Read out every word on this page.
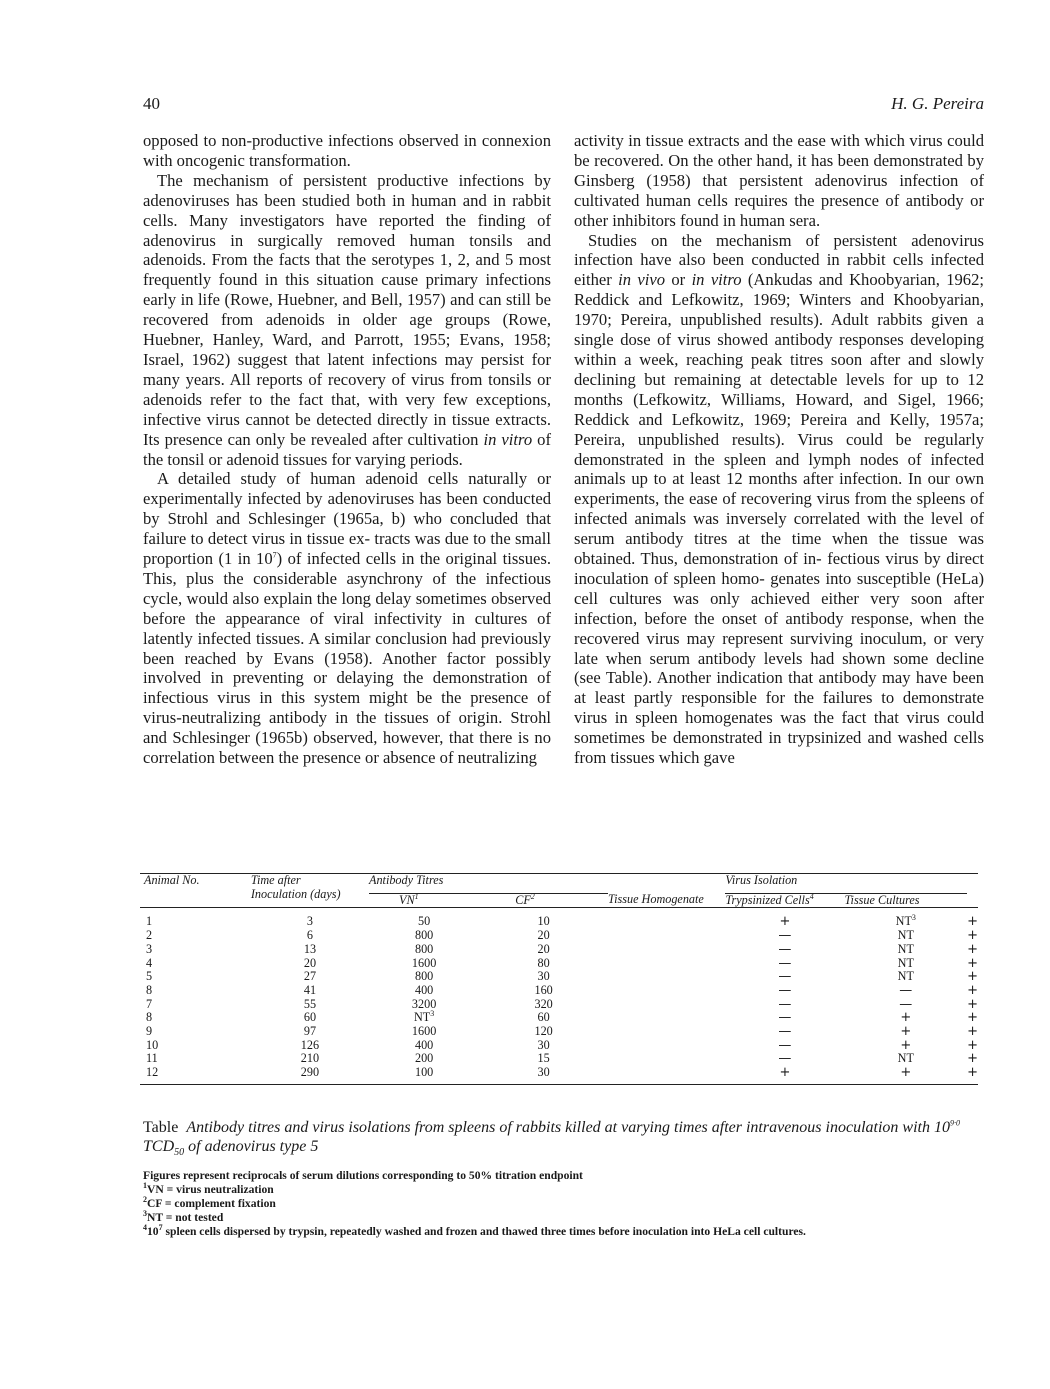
40	H. G. Pereira

opposed to non-productive infections observed in connexion with oncogenic transformation.

The mechanism of persistent productive infections by adenoviruses has been studied both in human and in rabbit cells. Many investigators have reported the finding of adenovirus in surgically removed human tonsils and adenoids. From the facts that the serotypes 1, 2, and 5 most frequently found in this situation cause primary infections early in life (Rowe, Huebner, and Bell, 1957) and can still be recovered from adenoids in older age groups (Rowe, Huebner, Hanley, Ward, and Parrott, 1955; Evans, 1958; Israel, 1962) suggest that latent infections may persist for many years. All reports of recovery of virus from tonsils or adenoids refer to the fact that, with very few exceptions, infective virus cannot be detected directly in tissue extracts. Its presence can only be revealed after cultivation in vitro of the tonsil or adenoid tissues for varying periods.

A detailed study of human adenoid cells naturally or experimentally infected by adenoviruses has been conducted by Strohl and Schlesinger (1965a, b) who concluded that failure to detect virus in tissue ex- tracts was due to the small proportion (1 in $10^7$) of infected cells in the original tissues. This, plus the considerable asynchrony of the infectious cycle, would also explain the long delay sometimes observed before the appearance of viral infectivity in cultures of latently infected tissues. A similar conclusion had previously been reached by Evans (1958). Another factor possibly involved in preventing or delaying the demonstration of infectious virus in this system might be the presence of virus-neutralizing antibody in the tissues of origin. Strohl and Schlesinger (1965b) observed, however, that there is no correlation between the presence or absence of neutralizing

activity in tissue extracts and the ease with which virus could be recovered. On the other hand, it has been demonstrated by Ginsberg (1958) that persistent adenovirus infection of cultivated human cells requires the presence of antibody or other inhibitors found in human sera.

Studies on the mechanism of persistent adenovirus infection have also been conducted in rabbit cells infected either in vivo or in vitro (Ankudas and Khoobyarian, 1962; Reddick and Lefkowitz, 1969; Winters and Khoobyarian, 1970; Pereira, unpublished results). Adult rabbits given a single dose of virus showed antibody responses developing within a week, reaching peak titres soon after and slowly declining but remaining at detectable levels for up to 12 months (Lefkowitz, Williams, Howard, and Sigel, 1966; Reddick and Lefkowitz, 1969; Pereira and Kelly, 1957a; Pereira, unpublished results). Virus could be regularly demonstrated in the spleen and lymph nodes of infected animals up to at least 12 months after infection. In our own experiments, the ease of recovering virus from the spleens of infected animals was inversely correlated with the level of serum antibody titres at the time when the tissue was obtained. Thus, demonstration of in- fectious virus by direct inoculation of spleen homo- genates into susceptible (HeLa) cell cultures was only achieved either very soon after infection, before the onset of antibody response, when the recovered virus may represent surviving inoculum, or very late when serum antibody levels had shown some decline (see Table). Another indication that antibody may have been at least partly responsible for the failures to demonstrate virus in spleen homogenates was the fact that virus could sometimes be demonstrated in trypsinized and washed cells from tissues which gave

Animal No.	Time after
Inoculation (days)	Antibody Titres			Virus Isolation		
		$VN^1$	$CF^2$	Tissue Homogenate	Trypsinized Cells$^4$	Tissue Cultures	
1	3	50	10		+	$NT^3$	+
2	6	800	20		—	NT	+
3	13	800	20		—	NT	+
4	20	1600	80		—	NT	+
5	27	800	30		—	NT	+
8	41	400	160		—	—	+
7	55	3200	320		—	—	+
8	60	$NT^3$	60		—	+	+
9	97	1600	120		—	+	+
10	126	400	30		—	+	+
11	210	200	15		—	NT	+
12	290	100	30		+	+	+
Table Antibody titres and virus isolations from spleens of rabbits killed at varying times after intravenous inoculation with $10^{9\cdot 0}$ $TCD_{50}$ of adenovirus type 5
Figures represent reciprocals of serum dilutions corresponding to 50% titration endpoint
$^1$VN = virus neutralization
$^2$CF = complement fixation
$^3$NT = not tested
$^410^7$ spleen cells dispersed by trypsin, repeatedly washed and frozen and thawed three times before inoculation into HeLa cell cultures.
